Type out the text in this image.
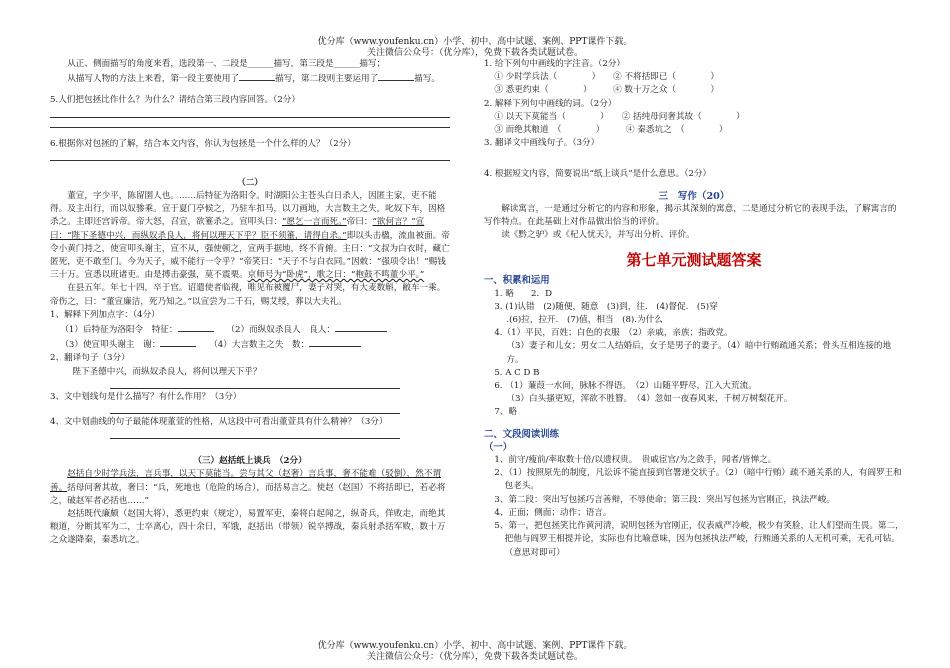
优分库（www.youfenku.cn）小学、初中、高中试题、案例、PPT课件下载。
关注微信公众号：（优分库），免费下载各类试题试卷。

从正、侧面描写的角度来看，选段第一、二段是______描写，第三段是______描写；

从描写人物的方法上来看，第一段主要使用了	描写，第二段则主要运用了	描写。

5.人们把包拯比作什么？为什么？请结合第三段内容回答。（2分）

6.根据你对包拯的了解，结合本文内容，你认为包拯是一个什么样的人？（2分）

（二）

董宣，字少平，陈留圉人也。……后特征为洛阳令。时湖阳公主苍头白日杀人，因匿主家，吏不能得。及主出行，而以奴骖乘。宣于夏门亭候之，乃驻车扣马，以刀画地，大言数主之失，叱奴下车，因格杀之。主即还宫诉帝。帝大怒，召宣，欲箠杀之。宣叩头曰：“愿乞一言而死。”帝曰：“欲何言？”宣曰：“陛下圣德中兴，而纵奴杀良人，将何以理天下乎？臣不须箠，请得自杀。”即以头击楹，流血被面。帝令小黄门持之，使宣叩头谢主，宣不从，强使顿之，宣两手据地，终不肯俯。主曰：“文叔为白衣时，藏亡匿死，吏不敢至门。今为天子，威不能行一令乎？”帝笑曰：“天子不与白衣同。”因敕：“强项令出！”赐钱三十万。宣悉以班诸吏。由是搏击豪强，莫不震栗。京师号为“卧虎”，歌之曰：“枹鼓不鸣董少平。”

在县五年。年七十四，卒于官。诏遣使者临视，唯见布被覆尸，妻子对哭，有大麦数斛，敝车一乘。帝伤之，曰：“董宣廉洁，死乃知之。”以宣尝为二千石，赐艾绶，葬以大夫礼。

1、解释下列加点字：（4分）

（1）后特征为洛阳令　特征：　　	（2）而纵奴杀良人　良人：

（3）使宣叩头谢主　谢：　　	（4）大言数主之失　数：

2、翻译句子（3分）

陛下圣德中兴，而纵奴杀良人，将何以理天下乎？

3、文中划线句是什么描写？有什么作用？（3分）

4、文中划曲线的句子最能体现董萱的性格，从这段中可看出董萱具有什么精神？（3分）

（三）赵括纸上谈兵　（2分）

赵括自少时学兵法，言兵事，以天下莫能当。尝与其父（赵奢）言兵事，奢不能难（驳倒），然不谓善。括母问奢其故，奢曰：“兵，死地也（危险的场合），而括易言之。使赵（赵国）不将括即已，若必将之，破赵军者必括也……”

赵括既代廉颇（赵国大将），悉更约束（规定），易置军吏，秦将白起闻之，纵奇兵，佯败走，而绝其粮道，分断其军为二，士卒离心，四十余日，军饿，赵括出（带领）锐卒搏战，秦兵射杀括军败，数十万之众遂降秦，秦悉坑之。

1. 给下列句中画线的字注音。（2分）

① 少时学兵法（　　　　）　　 ② 不将括即已（　　　　）

③ 悉更约束（　　　　）　　　	④ 数十万之众（　　　　）

2. 解释下列句中画线的词。（2分）

① 以天下莫能当（　　　　）　　 ② 括纯母问奢其故（　　　　）

③ 而绝其粮道　（　　　　）　　　	④ 秦悉坑之　（　　　　）

3. 翻译文中画线句子。（3分）

4. 根据短文内容，简要说出“纸上谈兵”是什么意思。（2分）

三　写作（20）

解读寓言，一是通过分析它的内容和形象，揭示其深刻的寓意，二是通过分析它的表现手法，了解寓言的写作特点。在此基础上对作品做出恰当的评价。

读《黔之驴》或《杞人忧天》，并写出分析、评价。

第七单元测试题答案

一、积累和运用

1. 略　　2．D

3. (1)认错　(2)随便，随意　(3)到，往.　(4)督促.　(5)穿

.(6)拉，拉开.　(7)值，相当　(8).为什么

4.（1）平民，百姓；白色的衣服　（2）亲戚，亲族；指政党。

（3）妻子和儿女；男女二人结婚后，女子是男子的妻子。（4）暗中行贿疏通关系；骨头互相连接的地方。

5. A C D B

6. （1）蒹葭一水间，脉脉不得语。　（2）山随平野尽，江入大荒流。

（3）白头搔更短，浑欲不胜簪。　（4）忽如一夜春风来，千树万树梨花开。

7、略

二、文段阅读训练

（一）

1、前守/瘦前/率取数十倍/以遗权贵。　贵戚宦官/为之敛手，闻者/皆惮之。

2、（1）按照原先的制度，凡讼诉不能直接到官署递交状子。（2）（暗中行贿）疏不通关系的人，有阎罗王和包老头。

3、第二段：突出写包拯巧言善辩，不辱使命；第三段：突出写包拯为官刚正，执法严峻。

4、正面；侧面；动作；语言。

5、第一，把包拯笑比作黄河清，说明包拯为官刚正，仪表威严冷峻，极少有笑脸，让人们望而生畏。第二，把他与阎罗王相提并论，实际也有比喻意味，因为包拯执法严峻，行贿通关系的人无机可乘，无孔可钻。（意思对即可）

优分库（www.youfenku.cn）小学、初中、高中试题、案例、PPT课件下载。
关注微信公众号：（优分库），免费下载各类试题试卷。
